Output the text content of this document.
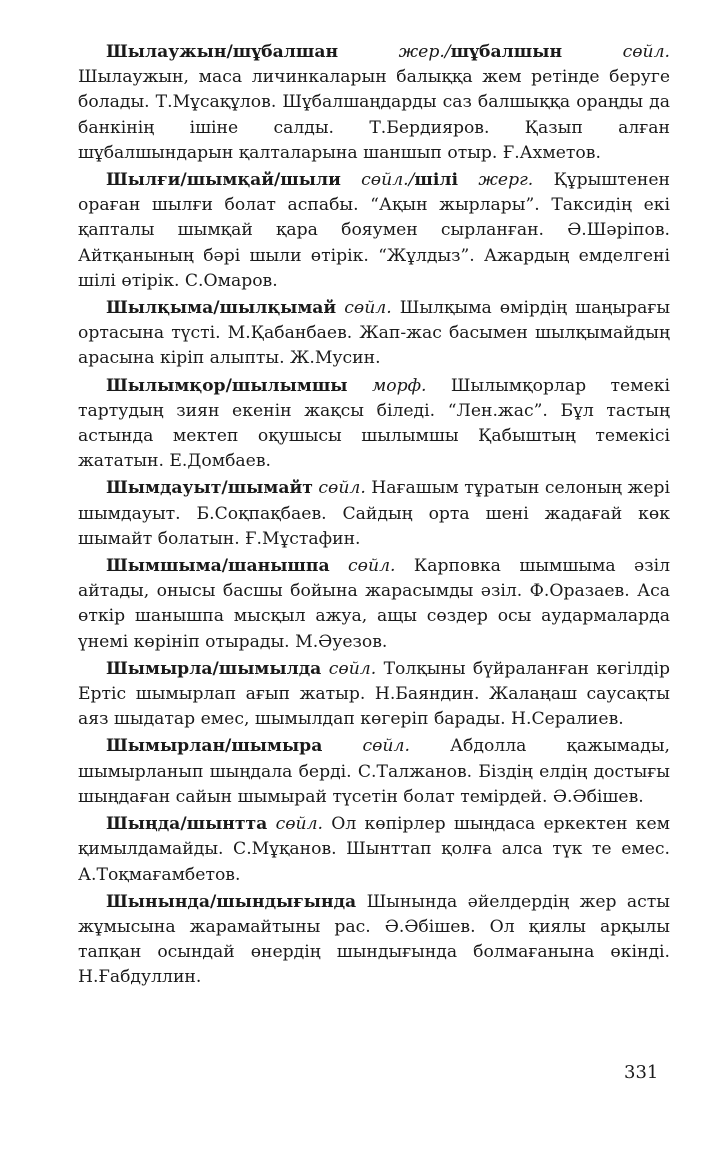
Шылаужын/шұбалшан	жер./шұбалшын	сөйл. Шылаужын, маса личинкаларын балыққа жем ретінде беруге болады. Т.Мұсақұлов. Шұбалшаңдарды саз балшыққа ораңды да банкінің ішіне салды. Т.Бердияров. Қазып алған шұбалшындарын қалталарына шаншып отыр. Ғ.Ахметов.

Шылғи/шымқай/шыли сөйл./шілі жерг. Құрыштенен ораған шылғи болат аспабы. “Ақын жырлары”. Таксидің екі қапталы шымқай қара бояумен сырланған. Ә.Шәріпов. Айтқанының бәрі шыли өтірік. “Жұлдыз”. Ажардың емделгені шілі өтірік. С.Омаров.

Шылқыма/шылқымай сөйл. Шылқыма өмірдің шаңырағы ортасына түсті. М.Қабанбаев. Жап-жас басымен шылқымайдың арасына кіріп алыпты. Ж.Мусин.

Шылымқор/шылымшы морф. Шылымқорлар темекі тартудың зиян екенін жақсы біледі. “Лен.жас”. Бұл тастың астында мектеп оқушысы шылымшы Қабыштың темекісі жататын. Е.Домбаев.

Шымдауыт/шымайт сөйл. Нағашым тұратын селоның жері шымдауыт. Б.Соқпақбаев. Сайдың орта шені жадағай көк шымайт болатын. Ғ.Мұстафин.

Шымшыма/шанышпа сөйл. Карповка шымшыма әзіл айтады, онысы басшы бойына жарасымды әзіл. Ф.Оразаев. Аса өткір шанышпа мысқыл ажуа, ащы сөздер осы аудармаларда үнемі көрініп отырады. М.Әуезов.

Шымырла/шымылда сөйл. Толқыны бүйраланған көгілдір Ертіс шымырлап ағып жатыр. Н.Баяндин. Жалаңаш саусақты аяз шыдатар емес, шымылдап көгеріп барады. Н.Сералиев.

Шымырлан/шымыра сөйл. Абдолла қажымады, шымырланып шыңдала берді. С.Талжанов. Біздің елдің достығы шыңдаған сайын шымырай түсетін болат темірдей. Ә.Әбішев.

Шыңда/шынтта сөйл. Ол көпірлер шыңдаса еркектен кем қимылдамайды. С.Мұқанов. Шынттап қолға алса түк те емес. А.Тоқмағамбетов.

Шынында/шындығында Шынында әйелдердің жер асты жұмысына жарамайтыны рас. Ә.Әбішев. Ол қиялы арқылы тапқан осындай өнердің шындығында болмағанына өкінді. Н.Ғабдуллин.

331
